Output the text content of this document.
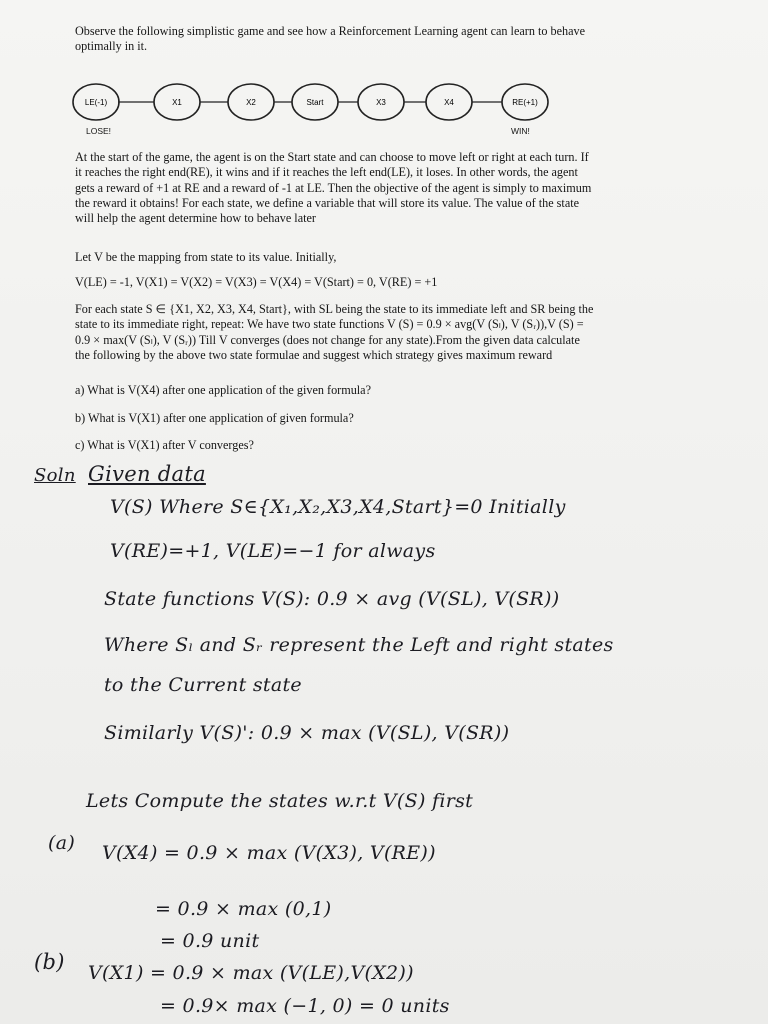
Observe the following simplistic game and see how a Reinforcement Learning agent can learn to behave
optimally in it.

LE(-1)	X1	X2	Start	X3	X4	RE(+1)
LOSE!	WIN!

At the start of the game, the agent is on the Start state and can choose to move left or right at each turn. If
it reaches the right end(RE), it wins and if it reaches the left end(LE), it loses. In other words, the agent
gets a reward of +1 at RE and a reward of -1 at LE. Then the objective of the agent is simply to maximum
the reward it obtains! For each state, we define a variable that will store its value. The value of the state
will help the agent determine how to behave later

Let V be the mapping from state to its value. Initially,

V(LE) = -1, V(X1) = V(X2) = V(X3) = V(X4) = V(Start) = 0, V(RE) = +1

For each state S ∈ {X1, X2, X3, X4, Start}, with SL being the state to its immediate left and SR being the
state to its immediate right, repeat: We have two state functions V (S) = 0.9 × avg(V (Sₗ), V (Sᵣ)),V (S) =
0.9 × max(V (Sₗ), V (Sᵣ)) Till V converges (does not change for any state).From the given data calculate
the following by the above two state formulae and suggest which strategy gives maximum reward

a) What is V(X4) after one application of the given formula?

b) What is V(X1) after one application of given formula?

c) What is V(X1) after V converges?

Soln Given data
V(S) Where S∈{X₁,X₂,X3,X4,Start}=0 Initially
V(RE)=+1, V(LE)=−1 for always
State functions V(S): 0.9 × avg (V(SL), V(SR))
Where Sₗ and Sᵣ represent the Left and right states
to the Current state
Similarly V(S)': 0.9 × max (V(SL), V(SR))
Lets Compute the states w.r.t V(S) first
(a) V(X4) = 0.9 × max (V(X3), V(RE))
= 0.9 × max (0,1)
= 0.9 unit
(b) V(X1) = 0.9 × max (V(LE),V(X2))
= 0.9× max (−1, 0) = 0 units
